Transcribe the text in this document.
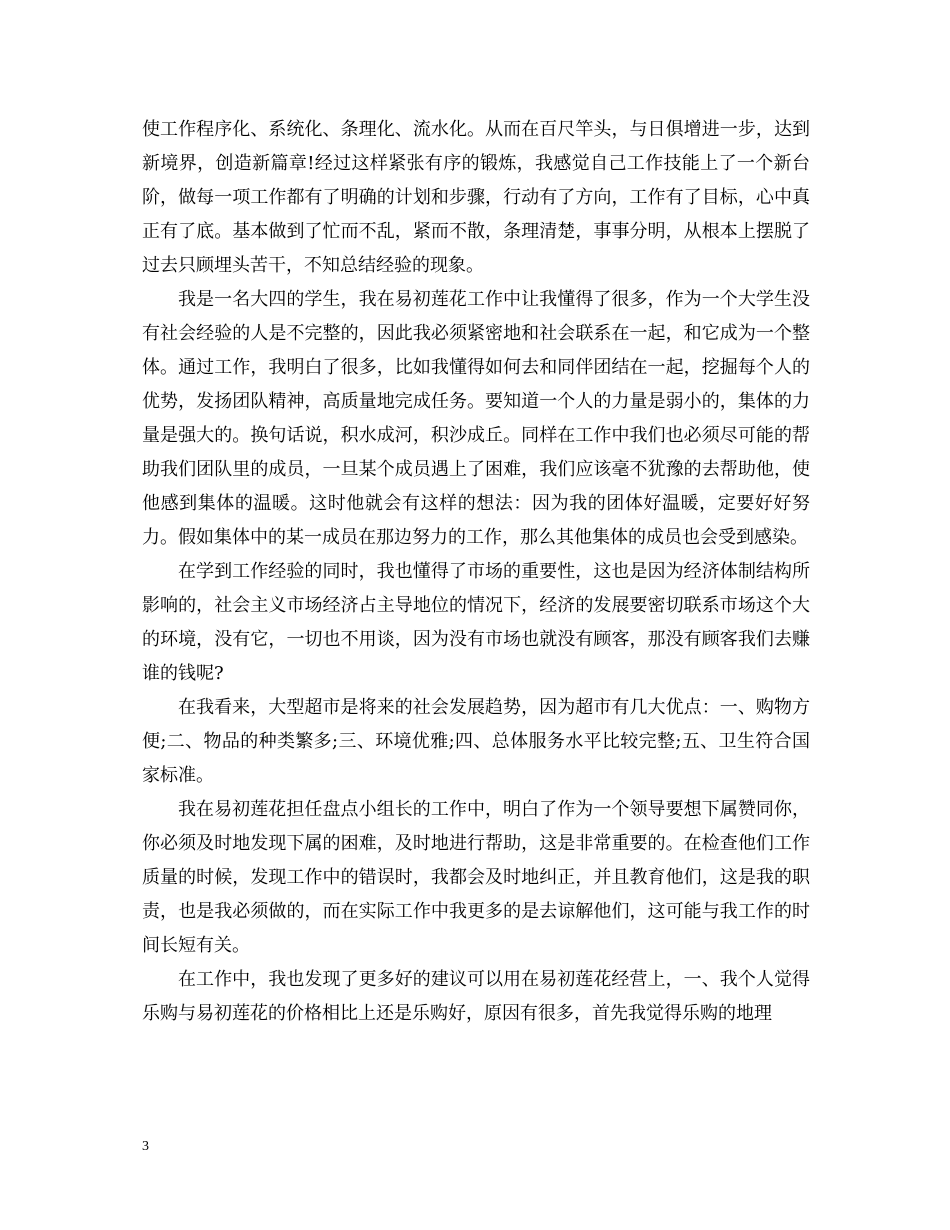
使工作程序化、系统化、条理化、流水化。从而在百尺竿头，与日俱增进一步，达到新境界，创造新篇章!经过这样紧张有序的锻炼，我感觉自己工作技能上了一个新台阶，做每一项工作都有了明确的计划和步骤，行动有了方向，工作有了目标，心中真正有了底。基本做到了忙而不乱，紧而不散，条理清楚，事事分明，从根本上摆脱了过去只顾埋头苦干，不知总结经验的现象。

我是一名大四的学生，我在易初莲花工作中让我懂得了很多，作为一个大学生没有社会经验的人是不完整的，因此我必须紧密地和社会联系在一起，和它成为一个整体。通过工作，我明白了很多，比如我懂得如何去和同伴团结在一起，挖掘每个人的优势，发扬团队精神，高质量地完成任务。要知道一个人的力量是弱小的，集体的力量是强大的。换句话说，积水成河，积沙成丘。同样在工作中我们也必须尽可能的帮助我们团队里的成员，一旦某个成员遇上了困难，我们应该毫不犹豫的去帮助他，使他感到集体的温暖。这时他就会有这样的想法：因为我的团体好温暖，定要好好努力。假如集体中的某一成员在那边努力的工作，那么其他集体的成员也会受到感染。

在学到工作经验的同时，我也懂得了市场的重要性，这也是因为经济体制结构所影响的，社会主义市场经济占主导地位的情况下，经济的发展要密切联系市场这个大的环境，没有它，一切也不用谈，因为没有市场也就没有顾客，那没有顾客我们去赚谁的钱呢?

在我看来，大型超市是将来的社会发展趋势，因为超市有几大优点：一、购物方便;二、物品的种类繁多;三、环境优雅;四、总体服务水平比较完整;五、卫生符合国家标准。

我在易初莲花担任盘点小组长的工作中，明白了作为一个领导要想下属赞同你，你必须及时地发现下属的困难，及时地进行帮助，这是非常重要的。在检查他们工作质量的时候，发现工作中的错误时，我都会及时地纠正，并且教育他们，这是我的职责，也是我必须做的，而在实际工作中我更多的是去谅解他们，这可能与我工作的时间长短有关。

在工作中，我也发现了更多好的建议可以用在易初莲花经营上，一、我个人觉得乐购与易初莲花的价格相比上还是乐购好，原因有很多，首先我觉得乐购的地理

3
